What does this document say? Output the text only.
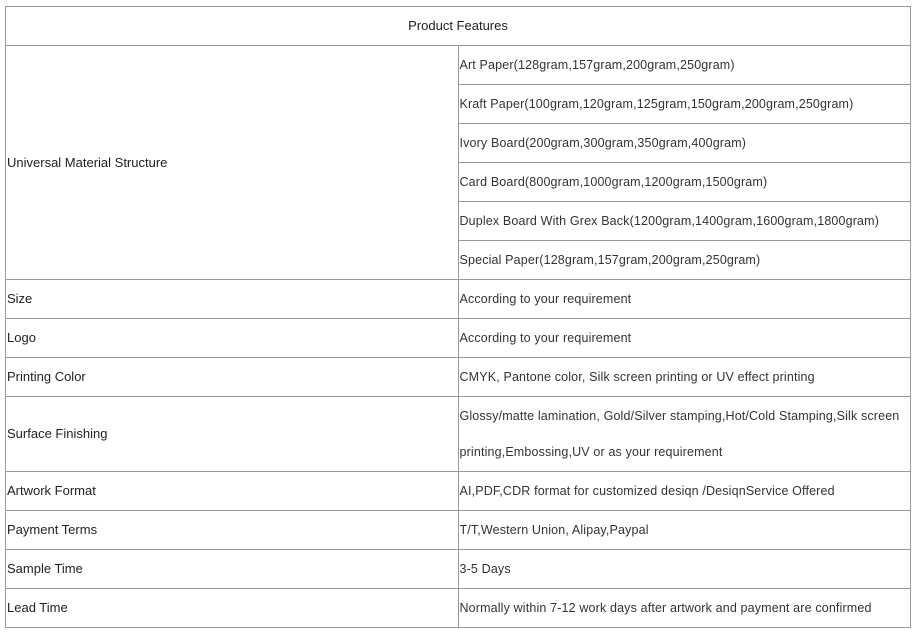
Product Features	
Universal Material Structure	Art Paper(128gram,157gram,200gram,250gram)
	Kraft Paper(100gram,120gram,125gram,150gram,200gram,250gram)
	Ivory Board(200gram,300gram,350gram,400gram)
	Card Board(800gram,1000gram,1200gram,1500gram)
	Duplex Board With Grex Back(1200gram,1400gram,1600gram,1800gram)
	Special Paper(128gram,157gram,200gram,250gram)
Size	According to your requirement
Logo	According to your requirement
Printing Color	CMYK, Pantone color, Silk screen printing or UV effect printing
Surface Finishing	Glossy/matte lamination, Gold/Silver stamping,Hot/Cold Stamping,Silk screen printing,Embossing,UV or as your requirement
Artwork Format	AI,PDF,CDR format for customized desiqn /DesiqnService Offered
Payment Terms	T/T,Western Union, Alipay,Paypal
Sample Time	3-5 Days
Lead Time	Normally within 7-12 work days after artwork and payment are confirmed
